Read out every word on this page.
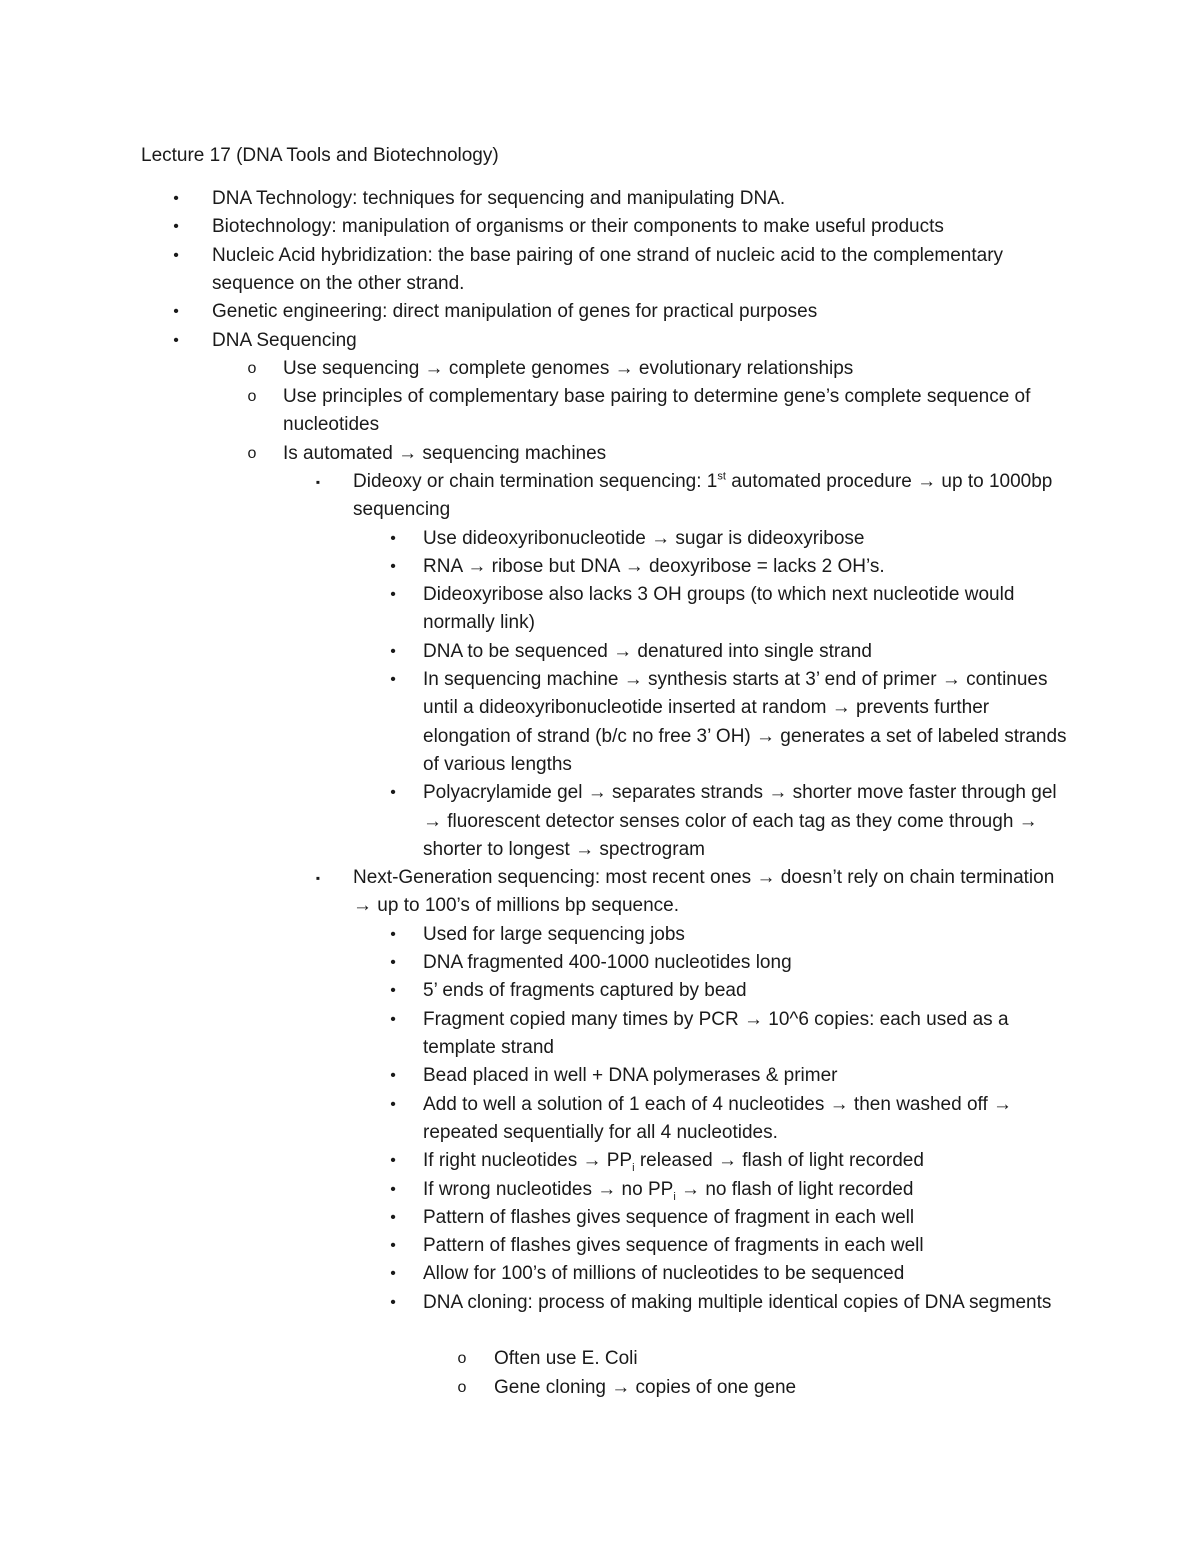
Lecture 17 (DNA Tools and Biotechnology)
•	DNA Technology: techniques for sequencing and manipulating DNA.
•	Biotechnology: manipulation of organisms or their components to make useful products
•	Nucleic Acid hybridization: the base pairing of one strand of nucleic acid to the complementary sequence on the other strand.
•	Genetic engineering: direct manipulation of genes for practical purposes
•	DNA Sequencing
o Use sequencing → complete genomes → evolutionary relationships
o Use principles of complementary base pairing to determine gene’s complete sequence of nucleotides
o Is automated → sequencing machines
▪	Dideoxy or chain termination sequencing: 1st automated procedure → up to 1000bp sequencing
•	Use dideoxyribonucleotide → sugar is dideoxyribose
•	RNA → ribose but DNA → deoxyribose = lacks 2 OH’s.
•	Dideoxyribose also lacks 3 OH groups (to which next nucleotide would normally link)
•	DNA to be sequenced → denatured into single strand
•	In sequencing machine → synthesis starts at 3’ end of primer → continues until a dideoxyribonucleotide inserted at random → prevents further elongation of strand (b/c no free 3’ OH) → generates a set of labeled strands of various lengths
•	Polyacrylamide gel → separates strands → shorter move faster through gel → fluorescent detector senses color of each tag as they come through → shorter to longest → spectrogram
▪	Next-Generation sequencing: most recent ones → doesn’t rely on chain termination → up to 100’s of millions bp sequence.
•	Used for large sequencing jobs
•	DNA fragmented 400-1000 nucleotides long
•	5’ ends of fragments captured by bead
•	Fragment copied many times by PCR → 10^6 copies: each used as a template strand
•	Bead placed in well + DNA polymerases & primer
•	Add to well a solution of 1 each of 4 nucleotides → then washed off → repeated sequentially for all 4 nucleotides.
•	If right nucleotides → $PP_i$ released → flash of light recorded
•	If wrong nucleotides → no $PP_i$ → no flash of light recorded
•	Pattern of flashes gives sequence of fragment in each well
•	Pattern of flashes gives sequence of fragments in each well
•	Allow for 100’s of millions of nucleotides to be sequenced
•	DNA cloning: process of making multiple identical copies of DNA segments
o Often use E. Coli
o Gene cloning → copies of one gene
